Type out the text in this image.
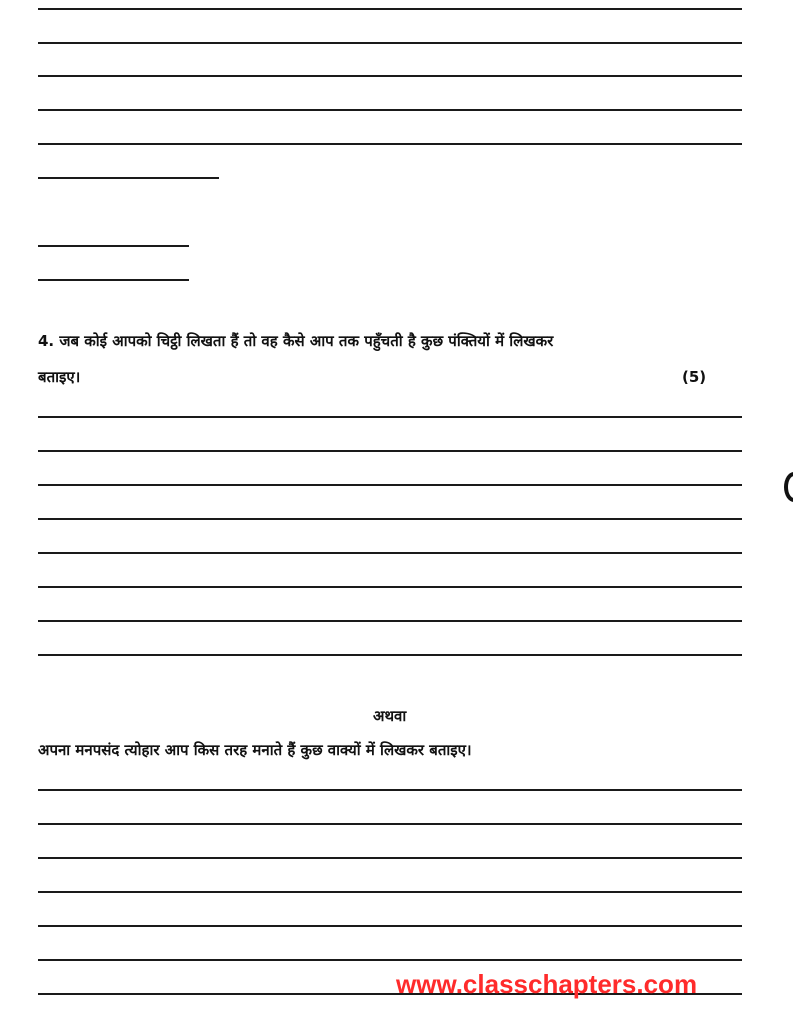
4. जब कोई आपको चिट्ठी लिखता हैं तो वह कैसे आप तक पहुँचती है कुछ पंक्तियों में लिखकर
बताइए।	(5)
अथवा
अपना मनपसंद त्योहार आप किस तरह मनाते हैं कुछ वाक्यों में लिखकर बताइए।
www.classchapters.com
